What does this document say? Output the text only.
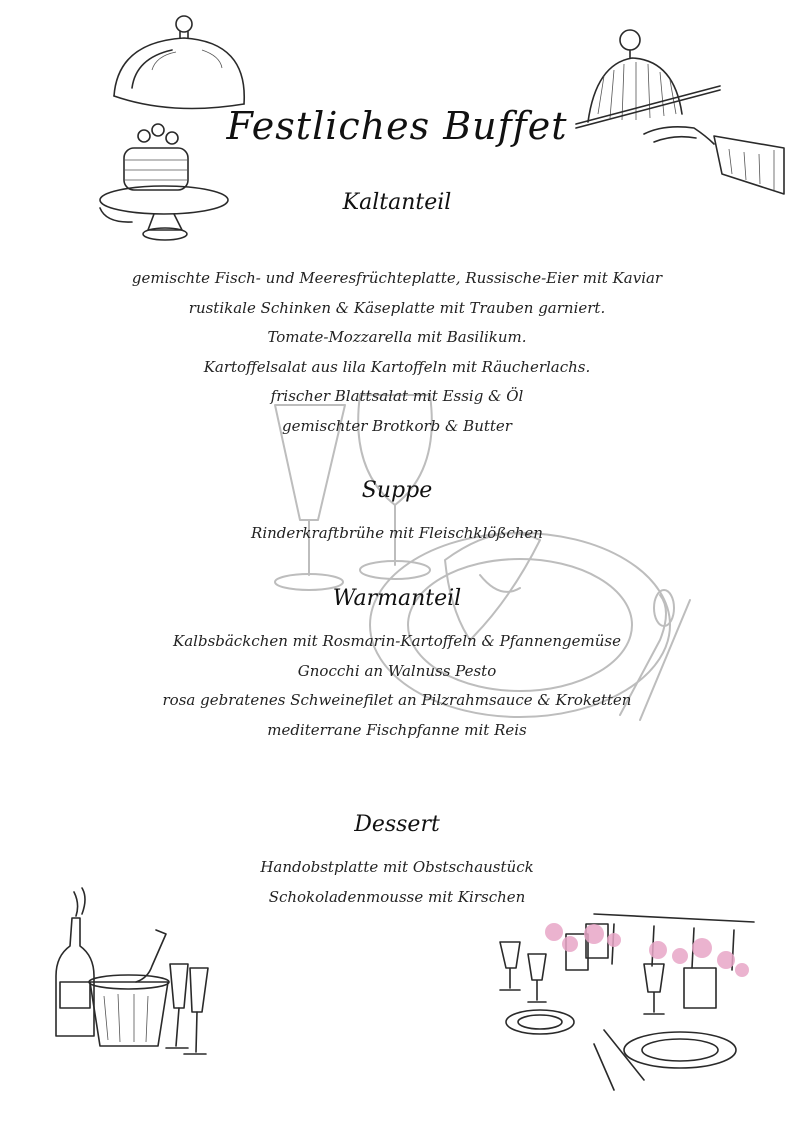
Festliches Buffet
Kaltanteil
gemischte Fisch- und Meeresfrüchteplatte, Russische-Eier mit Kaviar
rustikale Schinken & Käseplatte mit Trauben garniert.
Tomate-Mozzarella mit Basilikum.
Kartoffelsalat aus lila Kartoffeln mit Räucherlachs.
frischer Blattsalat mit Essig & Öl
gemischter Brotkorb & Butter
Suppe
Rinderkraftbrühe mit Fleischklößchen
Warmanteil
Kalbsbäckchen mit Rosmarin-Kartoffeln & Pfannengemüse
Gnocchi an Walnuss Pesto
rosa gebratenes Schweinefilet an Pilzrahmsauce & Kroketten
mediterrane Fischpfanne mit Reis
Dessert
Handobstplatte mit Obstschaustück
Schokoladenmousse mit Kirschen
